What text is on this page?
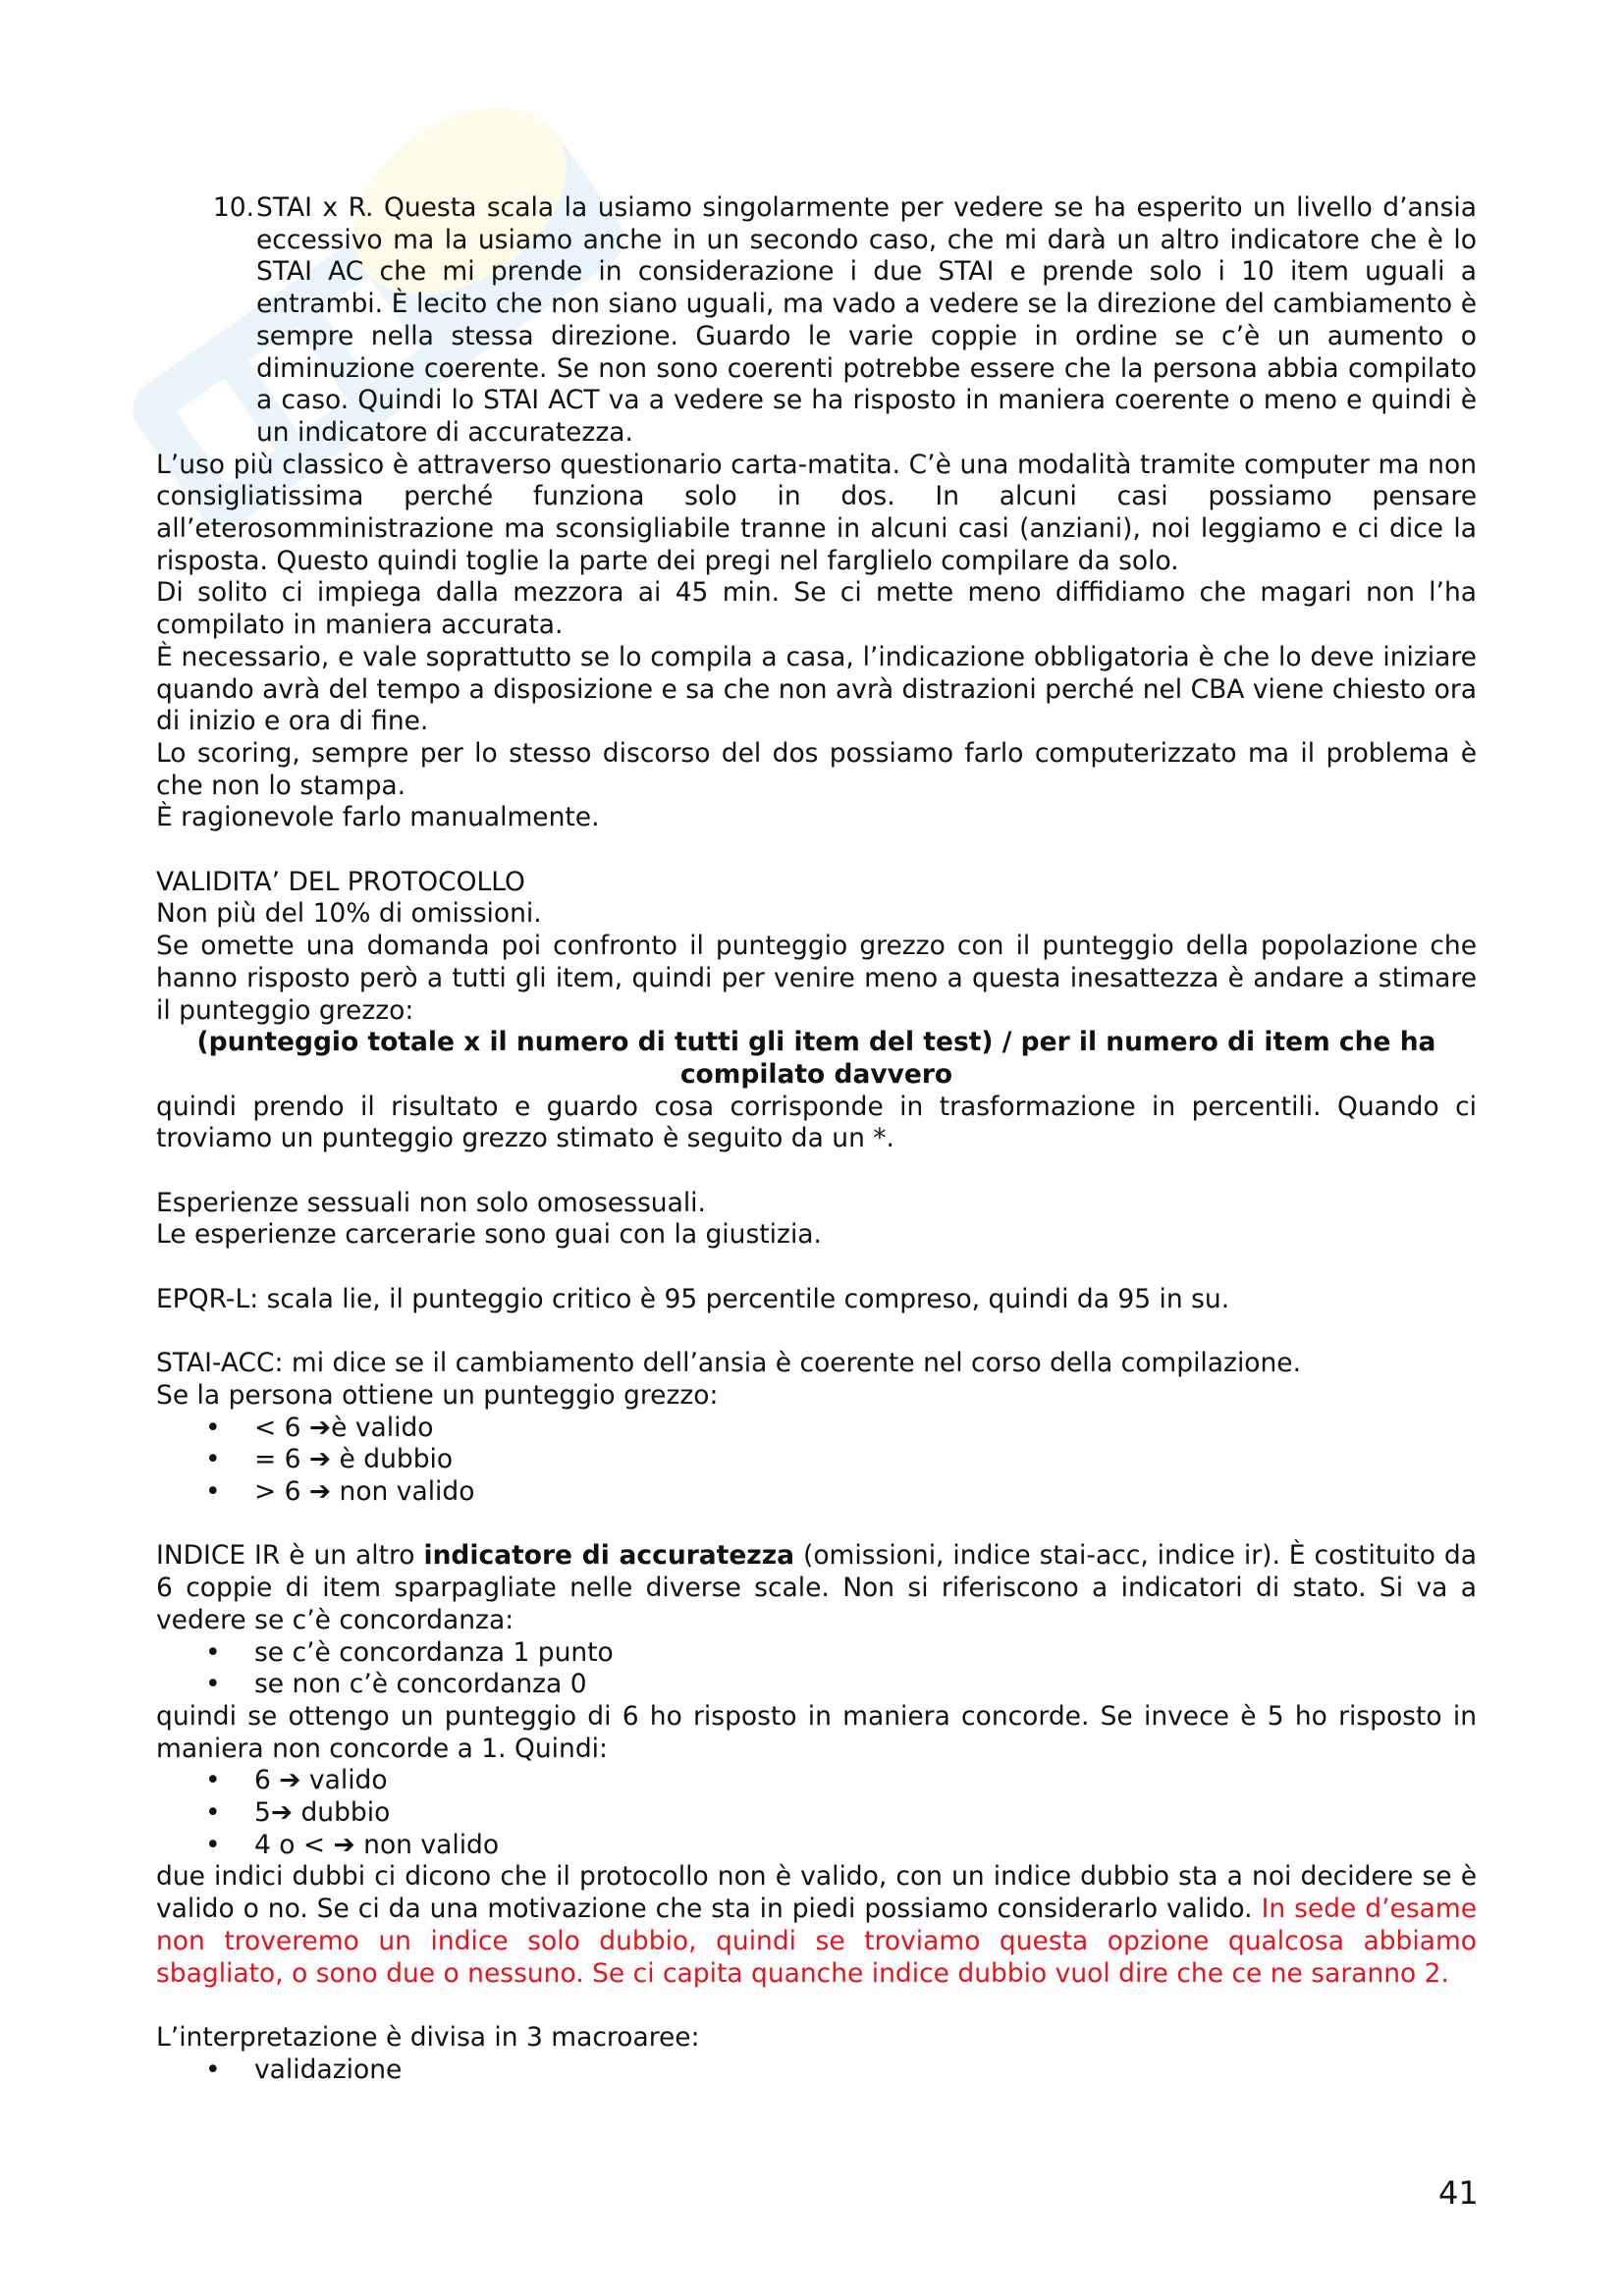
10. STAI x R. Questa scala la usiamo singolarmente per vedere se ha esperito un livello d’ansia eccessivo ma la usiamo anche in un secondo caso, che mi darà un altro indicatore che è lo STAI AC che mi prende in considerazione i due STAI e prende solo i 10 item uguali a entrambi. È lecito che non siano uguali, ma vado a vedere se la direzione del cambiamento è sempre nella stessa direzione. Guardo le varie coppie in ordine se c’è un aumento o diminuzione coerente. Se non sono coerenti potrebbe essere che la persona abbia compilato a caso. Quindi lo STAI ACT va a vedere se ha risposto in maniera coerente o meno e quindi è un indicatore di accuratezza.

L’uso più classico è attraverso questionario carta-matita. C’è una modalità tramite computer ma non consigliatissima perché funziona solo in dos. In alcuni casi possiamo pensare all’eterosomministrazione ma sconsigliabile tranne in alcuni casi (anziani), noi leggiamo e ci dice la risposta. Questo quindi toglie la parte dei pregi nel farglielo compilare da solo.

Di solito ci impiega dalla mezzora ai 45 min. Se ci mette meno diffidiamo che magari non l’ha compilato in maniera accurata.

È necessario, e vale soprattutto se lo compila a casa, l’indicazione obbligatoria è che lo deve iniziare quando avrà del tempo a disposizione e sa che non avrà distrazioni perché nel CBA viene chiesto ora di inizio e ora di fine.

Lo scoring, sempre per lo stesso discorso del dos possiamo farlo computerizzato ma il problema è che non lo stampa.

È ragionevole farlo manualmente.

VALIDITA’ DEL PROTOCOLLO

Non più del 10% di omissioni.

Se omette una domanda poi confronto il punteggio grezzo con il punteggio della popolazione che hanno risposto però a tutti gli item, quindi per venire meno a questa inesattezza è andare a stimare il punteggio grezzo:

(punteggio totale x il numero di tutti gli item del test) / per il numero di item che ha compilato davvero

quindi prendo il risultato e guardo cosa corrisponde in trasformazione in percentili. Quando ci troviamo un punteggio grezzo stimato è seguito da un *.

Esperienze sessuali non solo omosessuali.

Le esperienze carcerarie sono guai con la giustizia.

EPQR-L: scala lie, il punteggio critico è 95 percentile compreso, quindi da 95 in su.

STAI-ACC: mi dice se il cambiamento dell’ansia è coerente nel corso della compilazione.

Se la persona ottiene un punteggio grezzo:

• < 6 ➔è valido
• = 6 ➔ è dubbio
• > 6 ➔ non valido

INDICE IR è un altro indicatore di accuratezza (omissioni, indice stai-acc, indice ir). È costituito da 6 coppie di item sparpagliate nelle diverse scale. Non si riferiscono a indicatori di stato. Si va a vedere se c’è concordanza:

• se c’è concordanza 1 punto
• se non c’è concordanza 0

quindi se ottengo un punteggio di 6 ho risposto in maniera concorde. Se invece è 5 ho risposto in maniera non concorde a 1. Quindi:

• 6 ➔ valido
• 5➔ dubbio
• 4 o < ➔ non valido

due indici dubbi ci dicono che il protocollo non è valido, con un indice dubbio sta a noi decidere se è valido o no. Se ci da una motivazione che sta in piedi possiamo considerarlo valido. In sede d’esame non troveremo un indice solo dubbio, quindi se troviamo questa opzione qualcosa abbiamo sbagliato, o sono due o nessuno. Se ci capita quanche indice dubbio vuol dire che ce ne saranno 2.

L’interpretazione è divisa in 3 macroaree:

• validazione
41
